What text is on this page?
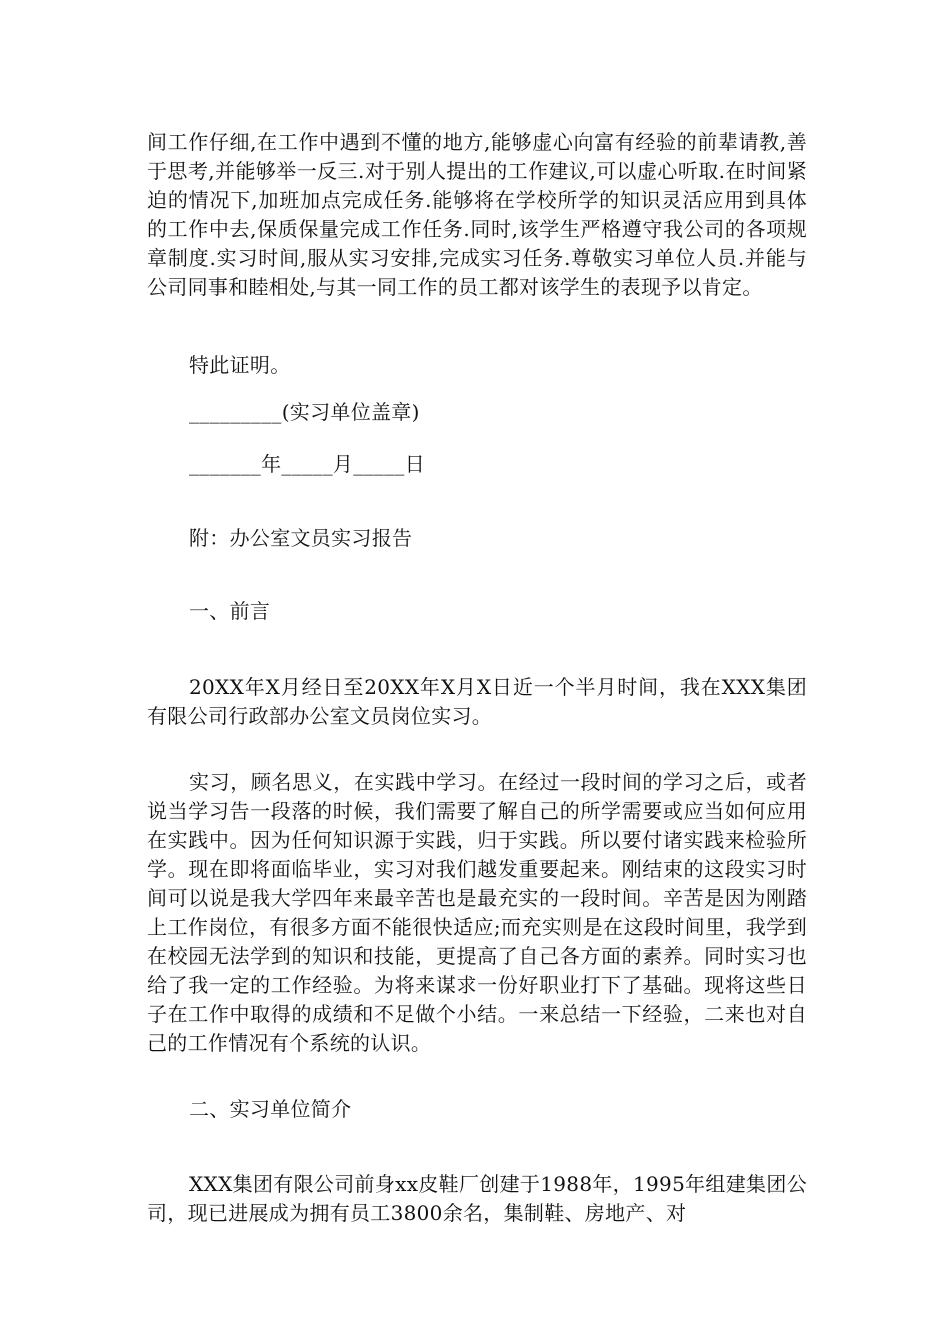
间工作仔细,在工作中遇到不懂的地方,能够虚心向富有经验的前辈请教,善于思考,并能够举一反三.对于别人提出的工作建议,可以虚心听取.在时间紧迫的情况下,加班加点完成任务.能够将在学校所学的知识灵活应用到具体的工作中去,保质保量完成工作任务.同时,该学生严格遵守我公司的各项规章制度.实习时间,服从实习安排,完成实习任务.尊敬实习单位人员.并能与公司同事和睦相处,与其一同工作的员工都对该学生的表现予以肯定。

特此证明。

_________(实习单位盖章)

_______年_____月_____日

附：办公室文员实习报告

一、前言

20XX年X月经日至20XX年X月X日近一个半月时间，我在XXX集团有限公司行政部办公室文员岗位实习。

实习，顾名思义，在实践中学习。在经过一段时间的学习之后，或者说当学习告一段落的时候，我们需要了解自己的所学需要或应当如何应用在实践中。因为任何知识源于实践，归于实践。所以要付诸实践来检验所学。现在即将面临毕业，实习对我们越发重要起来。刚结束的这段实习时间可以说是我大学四年来最辛苦也是最充实的一段时间。辛苦是因为刚踏上工作岗位，有很多方面不能很快适应;而充实则是在这段时间里，我学到在校园无法学到的知识和技能，更提高了自己各方面的素养。同时实习也给了我一定的工作经验。为将来谋求一份好职业打下了基础。现将这些日子在工作中取得的成绩和不足做个小结。一来总结一下经验，二来也对自己的工作情况有个系统的认识。

二、实习单位简介

XXX集团有限公司前身xx皮鞋厂创建于1988年，1995年组建集团公司，现已进展成为拥有员工3800余名，集制鞋、房地产、对
